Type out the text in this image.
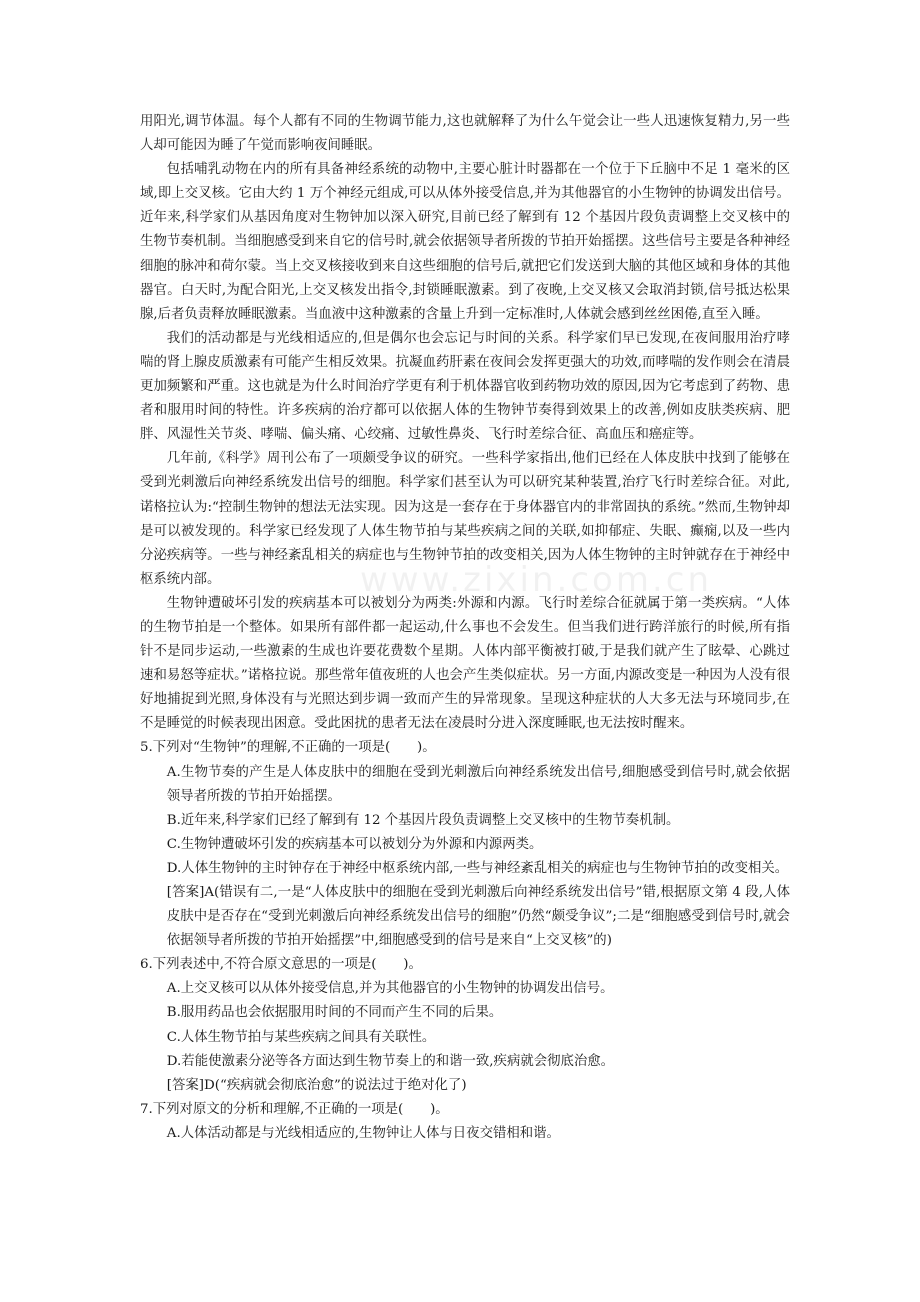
用阳光,调节体温。每个人都有不同的生物调节能力,这也就解释了为什么午觉会让一些人迅速恢复精力,另一些人却可能因为睡了午觉而影响夜间睡眠。

包括哺乳动物在内的所有具备神经系统的动物中,主要心脏计时器都在一个位于下丘脑中不足 1 毫米的区域,即上交叉核。它由大约 1 万个神经元组成,可以从体外接受信息,并为其他器官的小生物钟的协调发出信号。 近年来,科学家们从基因角度对生物钟加以深入研究,目前已经了解到有 12 个基因片段负责调整上交叉核中的生物节奏机制。当细胞感受到来自它的信号时,就会依据领导者所拨的节拍开始摇摆。这些信号主要是各种神经细胞的脉冲和荷尔蒙。当上交叉核接收到来自这些细胞的信号后,就把它们发送到大脑的其他区域和身体的其他器官。白天时,为配合阳光,上交叉核发出指令,封锁睡眠激素。到了夜晚,上交叉核又会取消封锁,信号抵达松果腺,后者负责释放睡眠激素。当血液中这种激素的含量上升到一定标准时,人体就会感到丝丝困倦,直至入睡。

我们的活动都是与光线相适应的,但是偶尔也会忘记与时间的关系。科学家们早已发现,在夜间服用治疗哮喘的肾上腺皮质激素有可能产生相反效果。抗凝血药肝素在夜间会发挥更强大的功效,而哮喘的发作则会在清晨更加频繁和严重。这也就是为什么时间治疗学更有利于机体器官收到药物功效的原因,因为它考虑到了药物、患者和服用时间的特性。许多疾病的治疗都可以依据人体的生物钟节奏得到效果上的改善,例如皮肤类疾病、肥胖、风湿性关节炎、哮喘、偏头痛、心绞痛、过敏性鼻炎、飞行时差综合征、高血压和癌症等。

几年前,《科学》周刊公布了一项颇受争议的研究。一些科学家指出,他们已经在人体皮肤中找到了能够在受到光刺激后向神经系统发出信号的细胞。科学家们甚至认为可以研究某种装置,治疗飞行时差综合征。对此,诺格拉认为:“控制生物钟的想法无法实现。因为这是一套存在于身体器官内的非常固执的系统。”然而,生物钟却是可以被发现的。科学家已经发现了人体生物节拍与某些疾病之间的关联,如抑郁症、失眠、癫痫,以及一些内分泌疾病等。一些与神经紊乱相关的病症也与生物钟节拍的改变相关,因为人体生物钟的主时钟就存在于神经中枢系统内部。

生物钟遭破坏引发的疾病基本可以被划分为两类:外源和内源。飞行时差综合征就属于第一类疾病。“人体的生物节拍是一个整体。如果所有部件都一起运动,什么事也不会发生。但当我们进行跨洋旅行的时候,所有指针不是同步运动,一些激素的生成也许要花费数个星期。人体内部平衡被打破,于是我们就产生了眩晕、心跳过速和易怒等症状。”诺格拉说。那些常年值夜班的人也会产生类似症状。另一方面,内源改变是一种因为人没有很好地捕捉到光照,身体没有与光照达到步调一致而产生的异常现象。呈现这种症状的人大多无法与环境同步,在不是睡觉的时候表现出困意。受此困扰的患者无法在凌晨时分进入深度睡眠,也无法按时醒来。

5.下列对“生物钟”的理解,不正确的一项是(　　)。

A.生物节奏的产生是人体皮肤中的细胞在受到光刺激后向神经系统发出信号,细胞感受到信号时,就会依据领导者所拨的节拍开始摇摆。

B.近年来,科学家们已经了解到有 12 个基因片段负责调整上交叉核中的生物节奏机制。

C.生物钟遭破坏引发的疾病基本可以被划分为外源和内源两类。

D.人体生物钟的主时钟存在于神经中枢系统内部,一些与神经紊乱相关的病症也与生物钟节拍的改变相关。

[答案]A(错误有二,一是“人体皮肤中的细胞在受到光刺激后向神经系统发出信号”错,根据原文第 4 段,人体皮肤中是否存在“受到光刺激后向神经系统发出信号的细胞”仍然“颇受争议”;二是“细胞感受到信号时,就会依据领导者所拨的节拍开始摇摆”中,细胞感受到的信号是来自“上交叉核”的)

6.下列表述中,不符合原文意思的一项是(　　)。

A.上交叉核可以从体外接受信息,并为其他器官的小生物钟的协调发出信号。

B.服用药品也会依据服用时间的不同而产生不同的后果。

C.人体生物节拍与某些疾病之间具有关联性。

D.若能使激素分泌等各方面达到生物节奏上的和谐一致,疾病就会彻底治愈。

[答案]D(“疾病就会彻底治愈”的说法过于绝对化了)

7.下列对原文的分析和理解,不正确的一项是(　　)。

A.人体活动都是与光线相适应的,生物钟让人体与日夜交错相和谐。

www.zixin.com.cn
